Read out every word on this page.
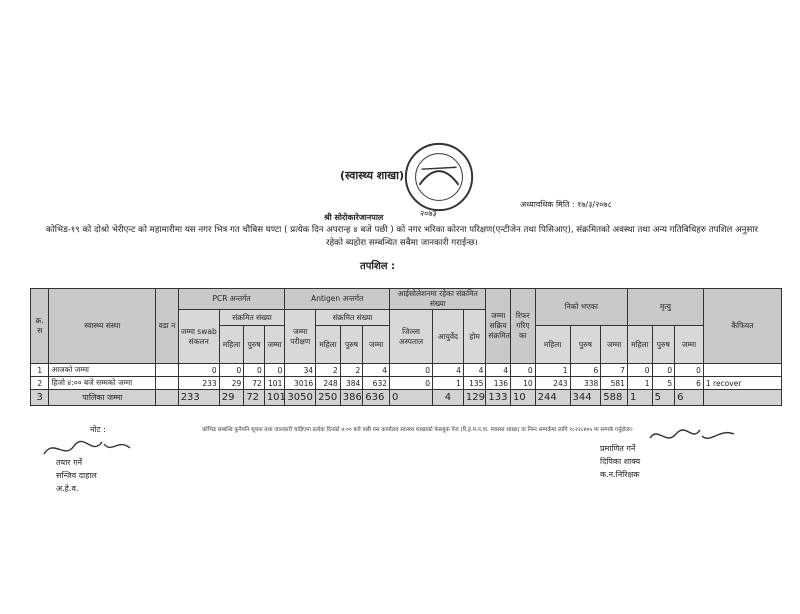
(स्वास्थ्य शाखा)
२०७३
श्री सोरोकारेजानपाल
अध्यावधिक मिति : १७/३/२०७८
कोभिड-१९ को दोश्रो भेरीएन्ट को महामारीमा यस नगर भित्र गत चौबिस घण्टा ( प्रत्येक दिन अपरान्ह ४ बजे पछी ) को नगर भरिका कोरना परिक्षण(एन्टीजेन तथा पिसिआए), संक्रमितको अवस्था तथा अन्य गतिबिधिहरु तपशिल अनुसार रहेको ब्यहोरा सम्बन्धित सबैमा जानकारी गराईन्छ।
तपशिल :
क्र. स	स्वास्थ्य संस्था	वडा न	PCR अन्तर्गत				Antigen अन्तर्गत				आईसोलेशनमा रहेका संक्रमित संख्या			जम्मा सक्रिय संक्रमित	रिफर गरिए का	निको भएका			मृत्यु			कैफियत
			जम्मा swab संकलन	संक्रमित संख्या			जम्मा परीक्षण	संक्रमित संख्या			जिल्ला अस्पताल	आयुर्वेद	होम									
				महिला	पुरुष	जम्मा		महिला	पुरुष	जम्मा						महिला	पुरुष	जम्मा	महिला	पुरुष	जम्मा	
1	आजको जम्मा		0	0	0	0	34	2	2	4	0	4	4	4	0	1	6	7	0	0	0	
2	हिजो ४:०० बजे सम्मको जम्मा		233	29	72	101	3016	248	384	632	0	1	135	136	10	243	338	581	1	5	6	1 recover
3	पालिका जम्मा		233	29	72	101	3050	250	386	636	0	4	129	133	10	244	344	588	1	5	6	
नोट :	कोभिड सम्बन्धि कुनैपनि सूचना तथा जानकारी चाहिएमा प्रत्येक दिनको ४:०० बजे पछी यस कार्यालय स्वास्थ्य शाखाको फेसबुक पेज (रि.ह.म.न.पा. स्वास्थ्य शाखा) वा निम्न सम्पर्कमा लागि ९८२२८४०५ मा सम्पर्क गर्नुहोला।
तयार गर्ने
सन्जिव दाहाल
अ.हे.व.
प्रमाणित गर्ने
दिपिका शाक्य
क.न.निरिक्षक
